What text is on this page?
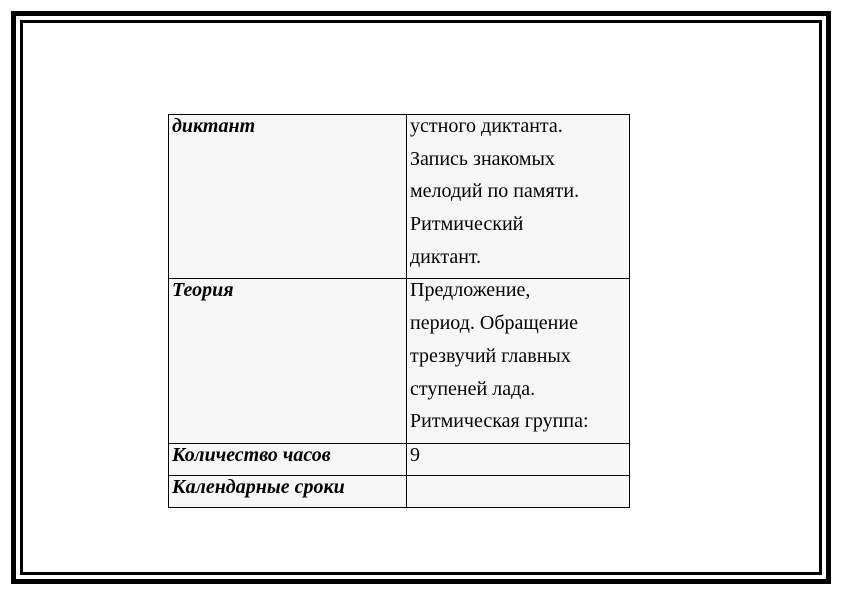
диктант	устного диктанта.
Запись знакомых
мелодий по памяти.
Ритмический
диктант.

Теория	Предложение,
период. Обращение
трезвучий главных
ступеней лада.
Ритмическая группа:

Количество часов	9
Календарные сроки	
